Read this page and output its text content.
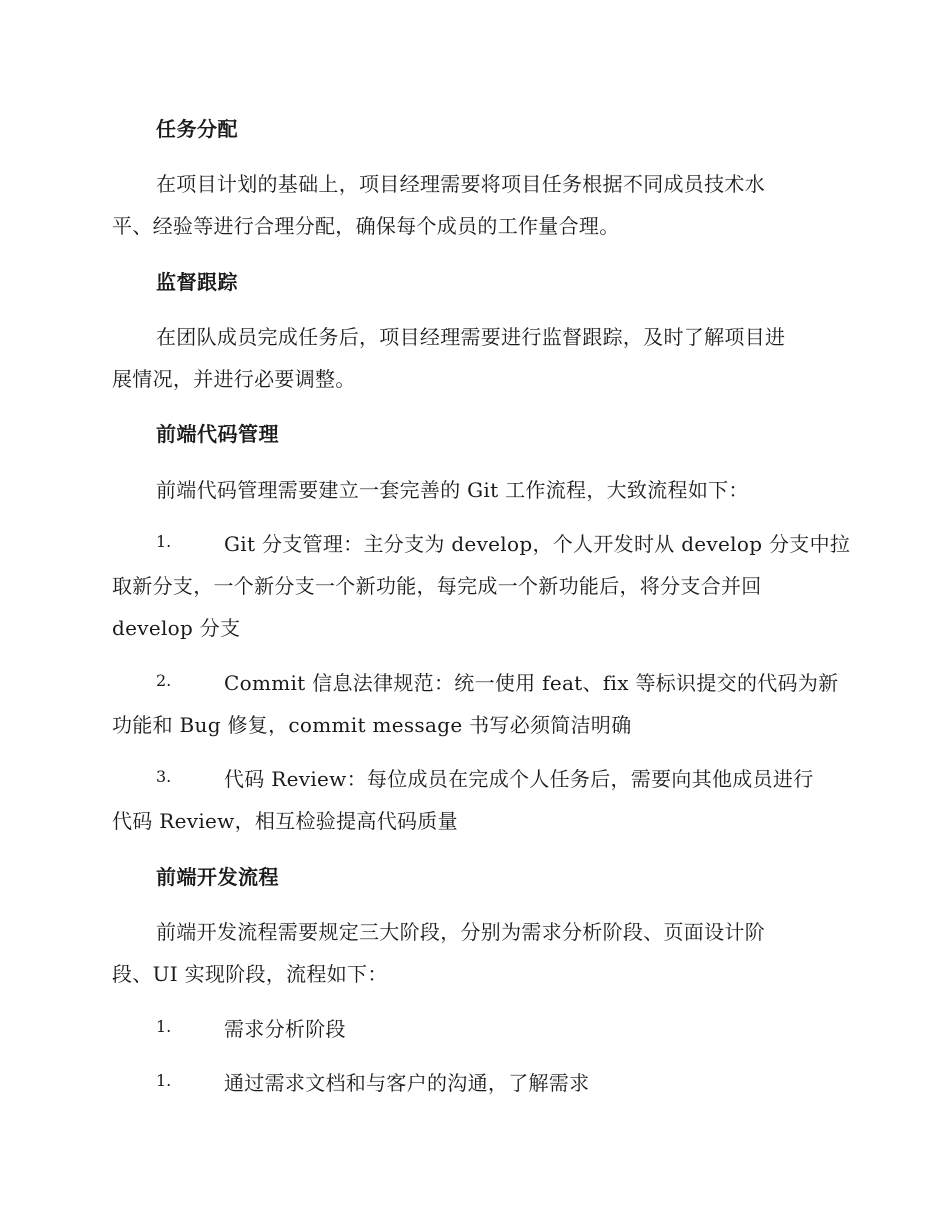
任务分配
在项目计划的基础上，项目经理需要将项目任务根据不同成员技术水
平、经验等进行合理分配，确保每个成员的工作量合理。
监督跟踪
在团队成员完成任务后，项目经理需要进行监督跟踪，及时了解项目进
展情况，并进行必要调整。
前端代码管理
前端代码管理需要建立一套完善的 Git 工作流程，大致流程如下：
1.	Git 分支管理：主分支为 develop，个人开发时从 develop 分支中拉
取新分支，一个新分支一个新功能，每完成一个新功能后，将分支合并回
develop 分支
2.	Commit 信息法律规范：统一使用 feat、fix 等标识提交的代码为新
功能和 Bug 修复，commit message 书写必须简洁明确
3.	代码 Review：每位成员在完成个人任务后，需要向其他成员进行
代码 Review，相互检验提高代码质量
前端开发流程
前端开发流程需要规定三大阶段，分别为需求分析阶段、页面设计阶
段、UI 实现阶段，流程如下：
1.	需求分析阶段
1.	通过需求文档和与客户的沟通，了解需求
